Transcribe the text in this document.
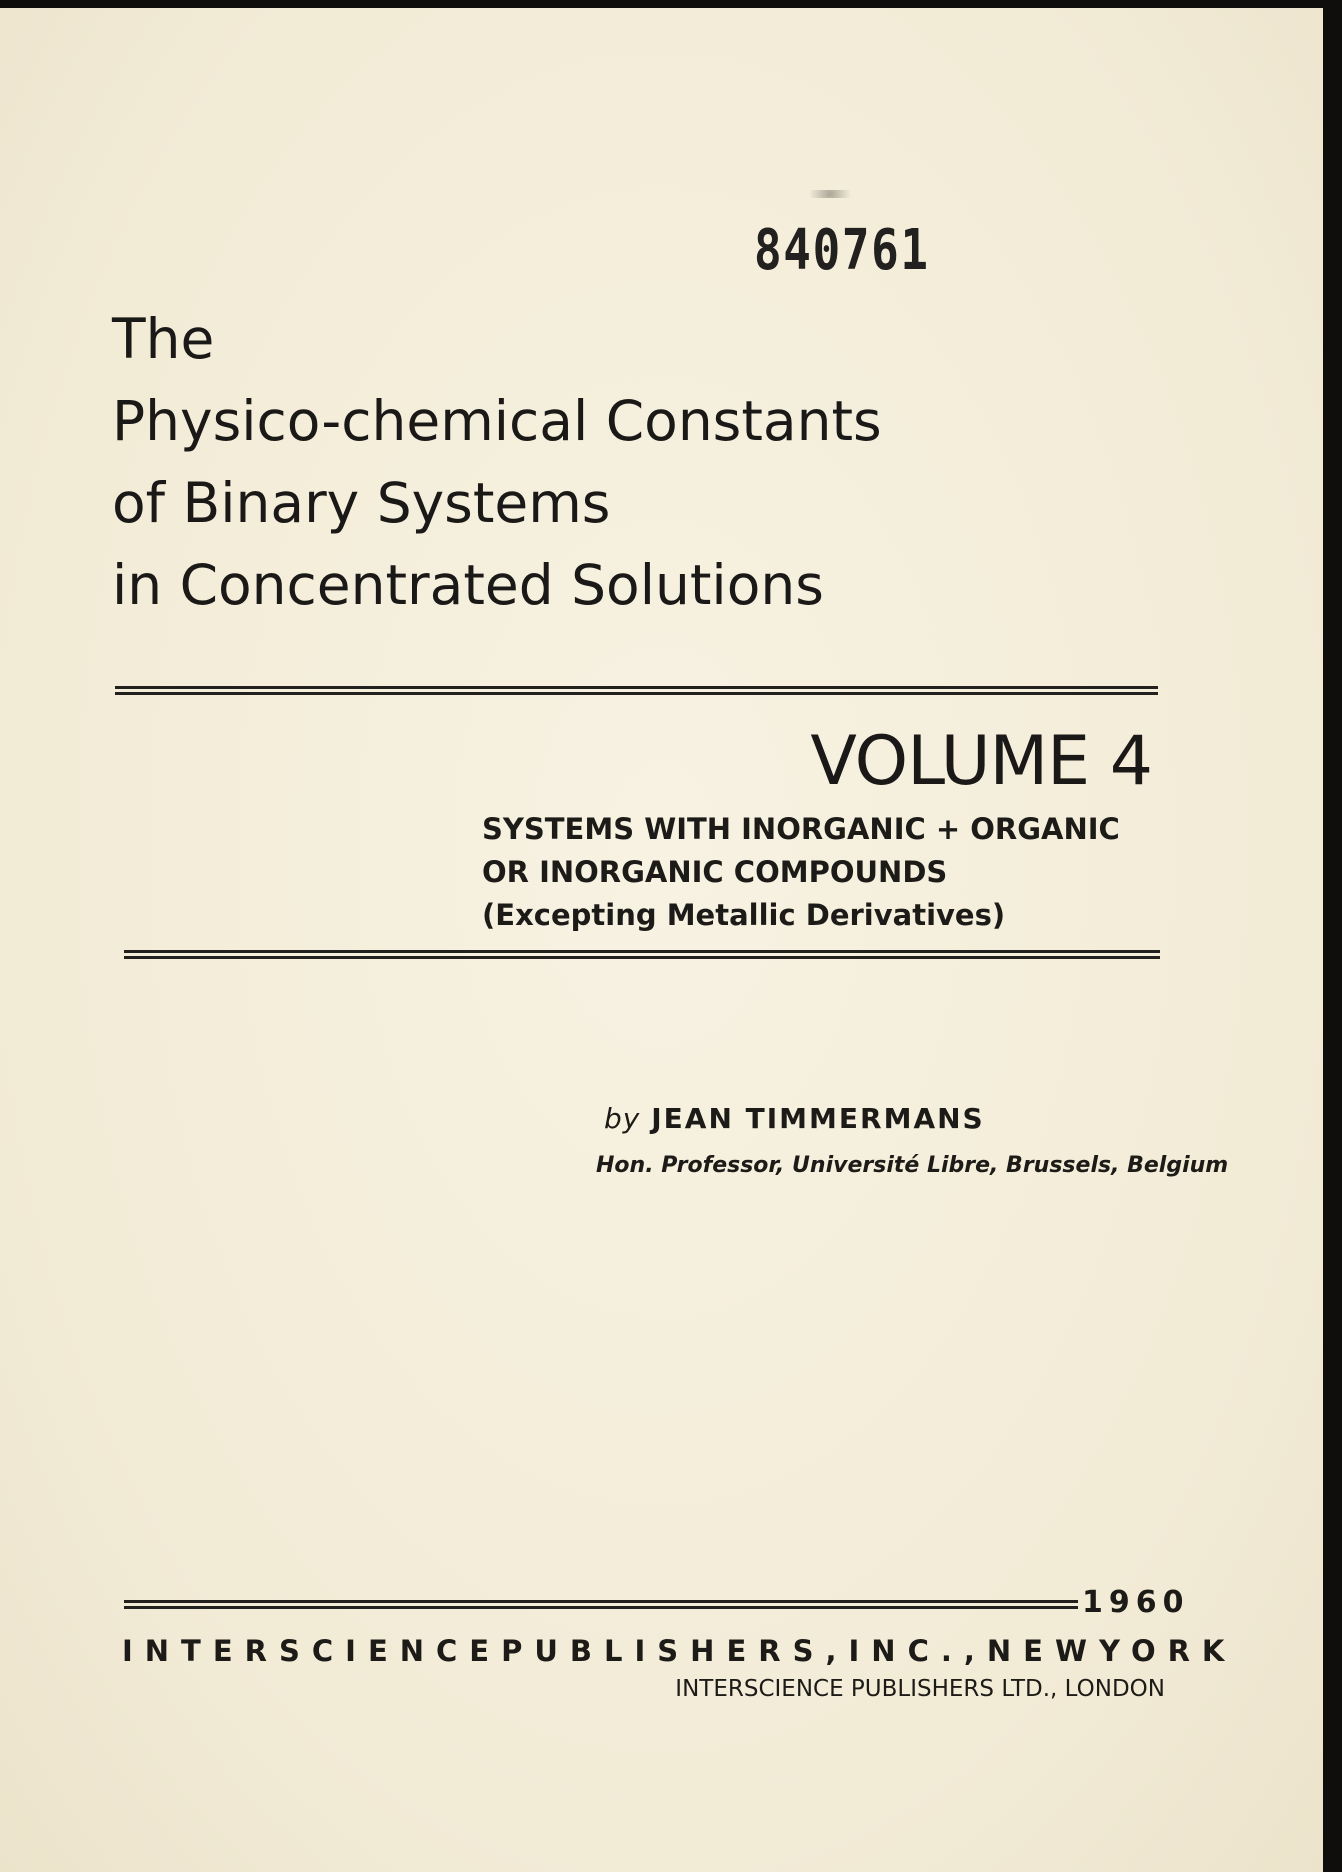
840761
The
Physico-chemical Constants
of Binary Systems
in Concentrated Solutions
VOLUME 4
SYSTEMS WITH INORGANIC + ORGANIC
OR INORGANIC COMPOUNDS
(Excepting Metallic Derivatives)
by JEAN TIMMERMANS
Hon. Professor, Université Libre, Brussels, Belgium
1960
INTERSCIENCE PUBLISHERS, INC., NEW YORK
INTERSCIENCE PUBLISHERS LTD., LONDON
